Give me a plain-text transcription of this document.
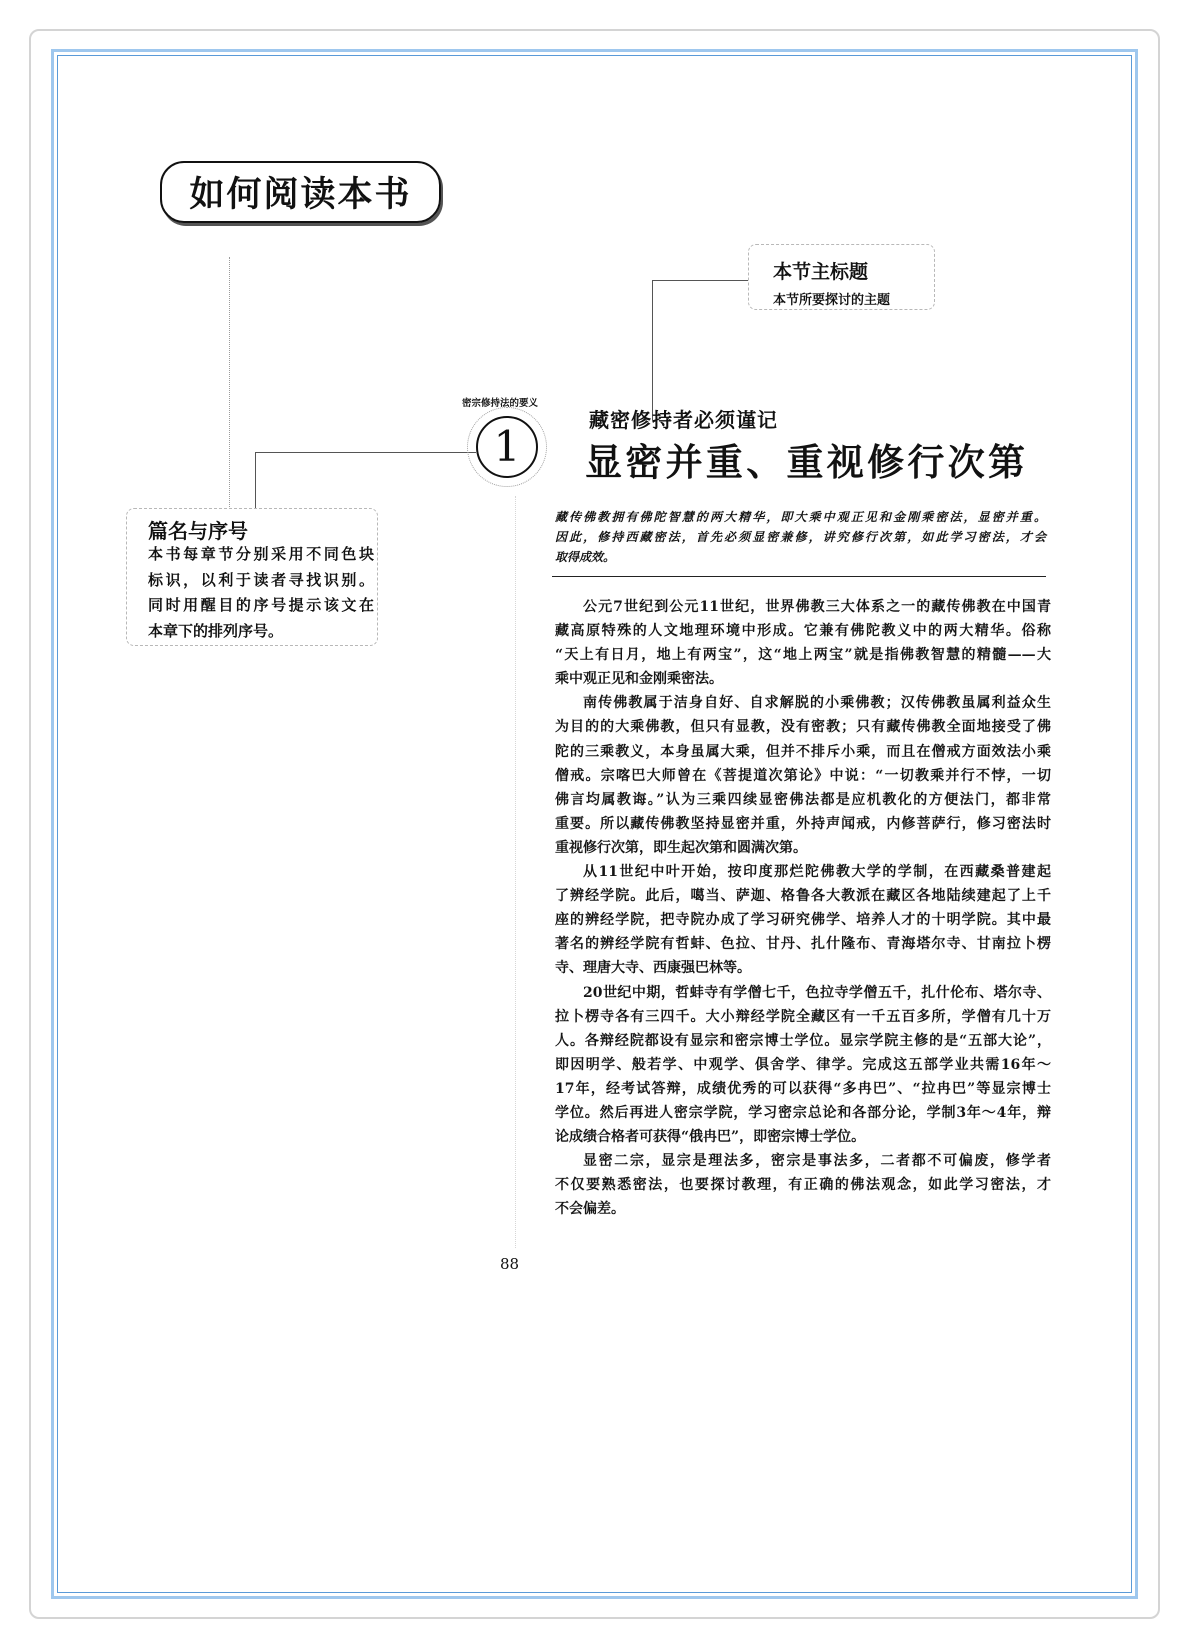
如何阅读本书
本节主标题
本节所要探讨的主题
密宗修持法的要义
1
藏密修持者必须谨记
显密并重、重视修行次第
藏传佛教拥有佛陀智慧的两大精华，即大乘中观正见和金刚乘密法，显密并重。
因此，修持西藏密法，首先必须显密兼修，讲究修行次第，如此学习密法，才会
取得成效。
公元7世纪到公元11世纪，世界佛教三大体系之一的藏传佛教在中国青
藏高原特殊的人文地理环境中形成。它兼有佛陀教义中的两大精华。俗称
“天上有日月，地上有两宝”，这“地上两宝”就是指佛教智慧的精髓——大
乘中观正见和金刚乘密法。
南传佛教属于洁身自好、自求解脱的小乘佛教；汉传佛教虽属利益众生
为目的的大乘佛教，但只有显教，没有密教；只有藏传佛教全面地接受了佛
陀的三乘教义，本身虽属大乘，但并不排斥小乘，而且在僧戒方面效法小乘
僧戒。宗喀巴大师曾在《菩提道次第论》中说：“一切教乘并行不悖，一切
佛言均属教诲。”认为三乘四续显密佛法都是应机教化的方便法门，都非常
重要。所以藏传佛教坚持显密并重，外持声闻戒，内修菩萨行，修习密法时
重视修行次第，即生起次第和圆满次第。
从11世纪中叶开始，按印度那烂陀佛教大学的学制，在西藏桑普建起
了辨经学院。此后，噶当、萨迦、格鲁各大教派在藏区各地陆续建起了上千
座的辨经学院，把寺院办成了学习研究佛学、培养人才的十明学院。其中最
著名的辨经学院有哲蚌、色拉、甘丹、扎什隆布、青海塔尔寺、甘南拉卜楞
寺、理唐大寺、西康强巴林等。
20世纪中期，哲蚌寺有学僧七千，色拉寺学僧五千，扎什伦布、塔尔寺、
拉卜楞寺各有三四千。大小辩经学院全藏区有一千五百多所，学僧有几十万
人。各辩经院都设有显宗和密宗博士学位。显宗学院主修的是“五部大论”，
即因明学、般若学、中观学、俱舍学、律学。完成这五部学业共需16年～
17年，经考试答辩，成绩优秀的可以获得“多冉巴”、“拉冉巴”等显宗博士
学位。然后再进人密宗学院，学习密宗总论和各部分论，学制3年～4年，辩
论成绩合格者可获得“俄冉巴”，即密宗博士学位。
显密二宗，显宗是理法多，密宗是事法多，二者都不可偏废，修学者
不仅要熟悉密法，也要探讨教理，有正确的佛法观念，如此学习密法，才
不会偏差。
篇名与序号
本书每章节分别采用不同色块
标识，以利于读者寻找识别。
同时用醒目的序号提示该文在
本章下的排列序号。
88
